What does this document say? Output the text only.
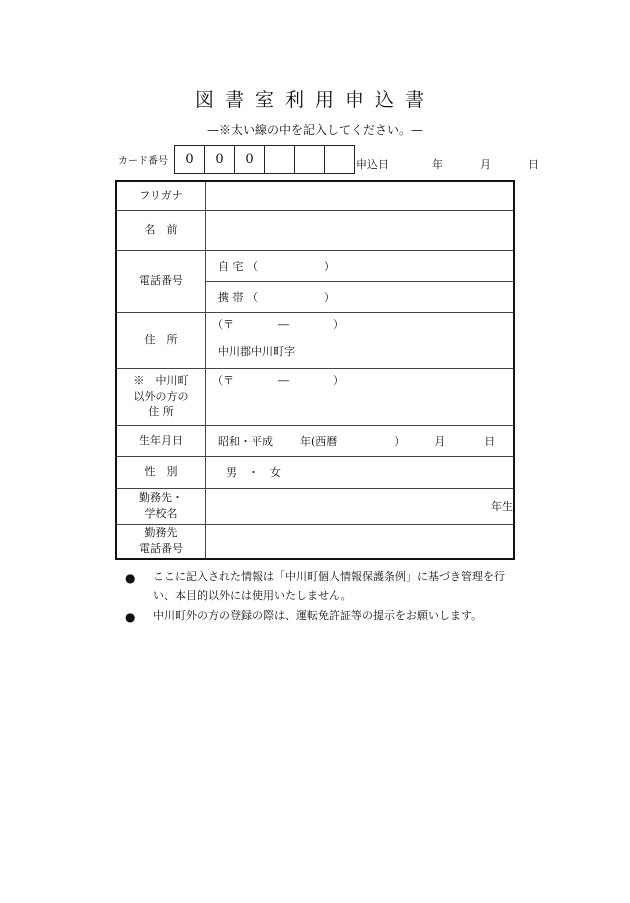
図書室利用申込書
—※太い線の中を記入してください。—
カード番号	0	0	0	申込日	年	月	日
フリガナ	
名　前	
電話番号	自 宅 （　　　　　　）
	携 帯 （　　　　　　）
住　所	（〒　　　　―　　　　）
中川郡中川町字

※　中川町
以外の方の
住 所	（〒　　　　―　　　　）

生年月日	昭和・平成 年(西暦 ） 月 日
性　別	男　・　女

勤務先・
学校名	年生

勤務先
電話番号	

●	ここに記入された情報は「中川町個人情報保護条例」に基づき管理を行い、本目的以外には使用いたしません。
●	中川町外の方の登録の際は、運転免許証等の提示をお願いします。
